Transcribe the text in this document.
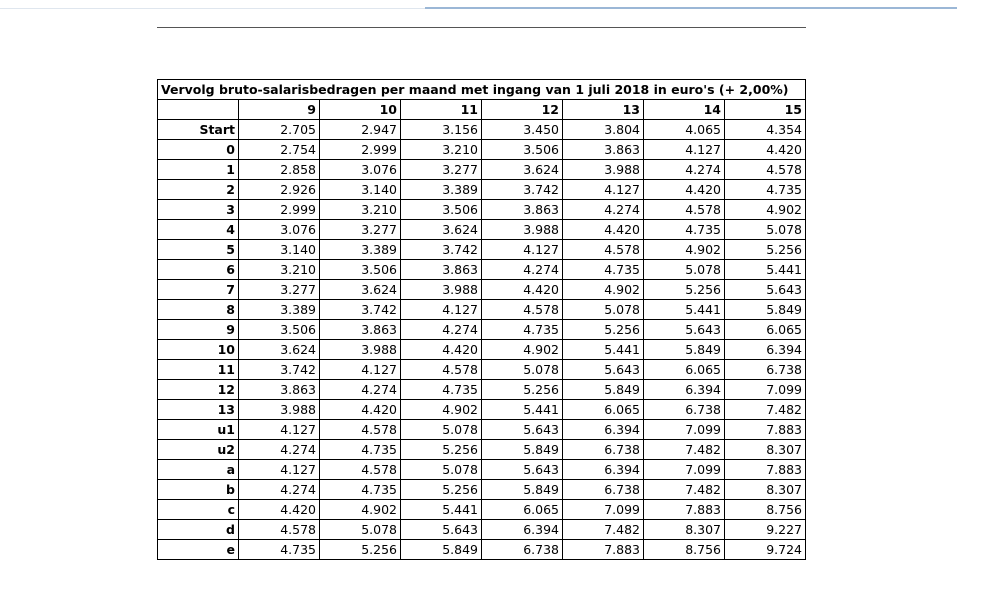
Vervolg bruto-salarisbedragen per maand met ingang van 1 juli 2018 in euro's (+ 2,00%)							
	9	10	11	12	13	14	15
Start	2.705	2.947	3.156	3.450	3.804	4.065	4.354
0	2.754	2.999	3.210	3.506	3.863	4.127	4.420
1	2.858	3.076	3.277	3.624	3.988	4.274	4.578
2	2.926	3.140	3.389	3.742	4.127	4.420	4.735
3	2.999	3.210	3.506	3.863	4.274	4.578	4.902
4	3.076	3.277	3.624	3.988	4.420	4.735	5.078
5	3.140	3.389	3.742	4.127	4.578	4.902	5.256
6	3.210	3.506	3.863	4.274	4.735	5.078	5.441
7	3.277	3.624	3.988	4.420	4.902	5.256	5.643
8	3.389	3.742	4.127	4.578	5.078	5.441	5.849
9	3.506	3.863	4.274	4.735	5.256	5.643	6.065
10	3.624	3.988	4.420	4.902	5.441	5.849	6.394
11	3.742	4.127	4.578	5.078	5.643	6.065	6.738
12	3.863	4.274	4.735	5.256	5.849	6.394	7.099
13	3.988	4.420	4.902	5.441	6.065	6.738	7.482
u1	4.127	4.578	5.078	5.643	6.394	7.099	7.883
u2	4.274	4.735	5.256	5.849	6.738	7.482	8.307
a	4.127	4.578	5.078	5.643	6.394	7.099	7.883
b	4.274	4.735	5.256	5.849	6.738	7.482	8.307
c	4.420	4.902	5.441	6.065	7.099	7.883	8.756
d	4.578	5.078	5.643	6.394	7.482	8.307	9.227
e	4.735	5.256	5.849	6.738	7.883	8.756	9.724
